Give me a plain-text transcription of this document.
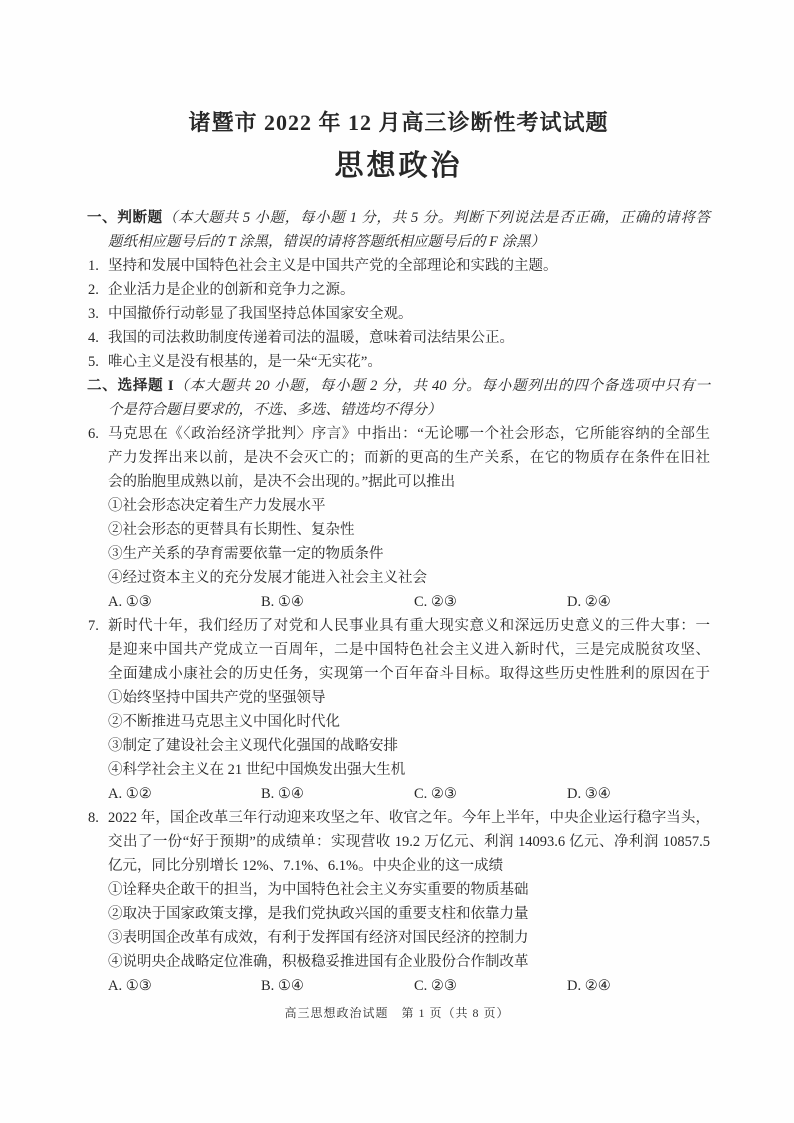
诸暨市 2022 年 12 月高三诊断性考试试题
思想政治
一、判断题（本大题共 5 小题，每小题 1 分，共 5 分。判断下列说法是否正确，正确的请将答
题纸相应题号后的 T 涂黑，错误的请将答题纸相应题号后的 F 涂黑）
1. 坚持和发展中国特色社会主义是中国共产党的全部理论和实践的主题。
2. 企业活力是企业的创新和竞争力之源。
3. 中国撤侨行动彰显了我国坚持总体国家安全观。
4. 我国的司法救助制度传递着司法的温暖，意味着司法结果公正。
5. 唯心主义是没有根基的，是一朵“无实花”。
二、选择题 I（本大题共 20 小题，每小题 2 分，共 40 分。每小题列出的四个备选项中只有一
个是符合题目要求的，不选、多选、错选均不得分）
6. 马克思在《〈政治经济学批判〉序言》中指出：“无论哪一个社会形态，它所能容纳的全部生
产力发挥出来以前，是决不会灭亡的；而新的更高的生产关系，在它的物质存在条件在旧社
会的胎胞里成熟以前，是决不会出现的。”据此可以推出
①社会形态决定着生产力发展水平
②社会形态的更替具有长期性、复杂性
③生产关系的孕育需要依靠一定的物质条件
④经过资本主义的充分发展才能进入社会主义社会
A. ①③	B. ①④	C. ②③	D. ②④
7. 新时代十年，我们经历了对党和人民事业具有重大现实意义和深远历史意义的三件大事：一
是迎来中国共产党成立一百周年，二是中国特色社会主义进入新时代，三是完成脱贫攻坚、
全面建成小康社会的历史任务，实现第一个百年奋斗目标。取得这些历史性胜利的原因在于
①始终坚持中国共产党的坚强领导
②不断推进马克思主义中国化时代化
③制定了建设社会主义现代化强国的战略安排
④科学社会主义在 21 世纪中国焕发出强大生机
A. ①②	B. ①④	C. ②③	D. ③④
8. 2022 年，国企改革三年行动迎来攻坚之年、收官之年。今年上半年，中央企业运行稳字当头，
交出了一份“好于预期”的成绩单：实现营收 19.2 万亿元、利润 14093.6 亿元、净利润 10857.5
亿元，同比分别增长 12%、7.1%、6.1%。中央企业的这一成绩
①诠释央企敢干的担当，为中国特色社会主义夯实重要的物质基础
②取决于国家政策支撑，是我们党执政兴国的重要支柱和依靠力量
③表明国企改革有成效，有利于发挥国有经济对国民经济的控制力
④说明央企战略定位准确，积极稳妥推进国有企业股份合作制改革
A. ①③	B. ①④	C. ②③	D. ②④
高三思想政治试题　第 1 页（共 8 页）
